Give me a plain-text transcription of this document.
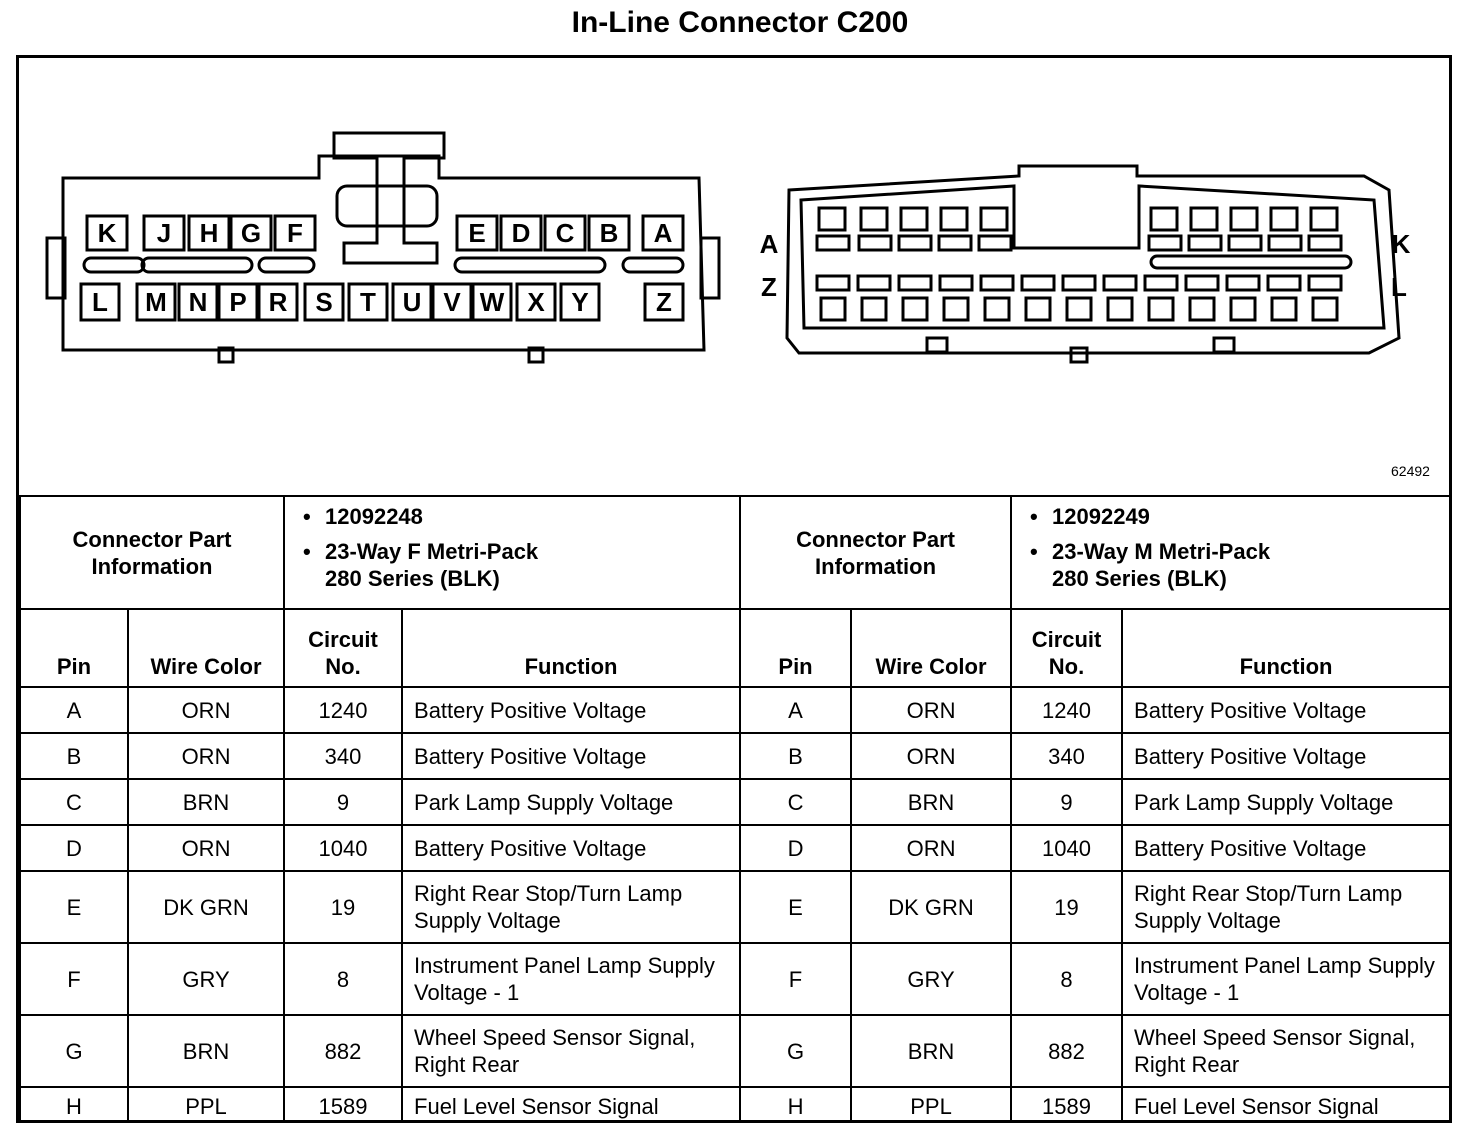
In-Line Connector C200
K J H G F	E D C B A
L M N P R S T U V W X Y	Z
A
Z
K
L
62492
Connector Part Information		• 12092248
• 23-Way F Metri-Pack
280 Series (BLK)		Connector Part Information		• 12092249
• 23-Way M Metri-Pack
280 Series (BLK)

Pin	Wire Color	Circuit No.	Function	Pin	Wire Color	Circuit No.	Function
A	ORN	1240	Battery Positive Voltage	A	ORN	1240	Battery Positive Voltage
B	ORN	340	Battery Positive Voltage	B	ORN	340	Battery Positive Voltage
C	BRN	9	Park Lamp Supply Voltage	C	BRN	9	Park Lamp Supply Voltage
D	ORN	1040	Battery Positive Voltage	D	ORN	1040	Battery Positive Voltage
E	DK GRN	19	Right Rear Stop/Turn Lamp Supply Voltage	E	DK GRN	19	Right Rear Stop/Turn Lamp Supply Voltage
F	GRY	8	Instrument Panel Lamp Supply Voltage - 1	F	GRY	8	Instrument Panel Lamp Supply Voltage - 1
G	BRN	882	Wheel Speed Sensor Signal, Right Rear	G	BRN	882	Wheel Speed Sensor Signal, Right Rear
H	PPL	1589	Fuel Level Sensor Signal	H	PPL	1589	Fuel Level Sensor Signal
